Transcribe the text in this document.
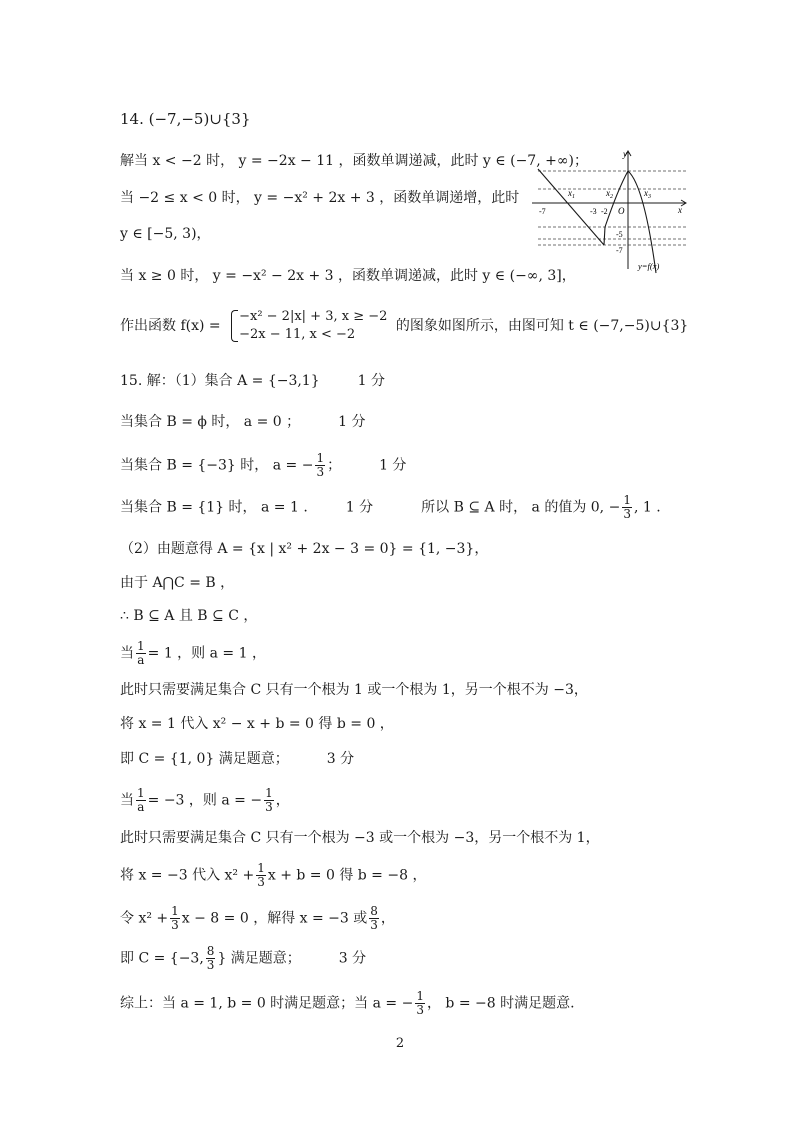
14. (−7,−5)∪{3}
解当 x < −2 时， y = −2x − 11 ，函数单调递减，此时 y ∈ (−7, +∞)；
当 −2 ≤ x < 0 时， y = −x² + 2x + 3 ，函数单调递增，此时
y ∈ [−5, 3)，
当 x ≥ 0 时， y = −x² − 2x + 3 ，函数单调递减，此时 y ∈ (−∞, 3]，
作出函数 f(x) =
−x² − 2|x| + 3, x ≥ −2
−2x − 11, x < −2
的图象如图所示，由图可知 t ∈ (−7,−5)∪{3}
y
x
O
$x_1$	$x_2$	$x_3$
-7	-3 -2
-5
-7
y=f(x)
15. 解：（1）集合 A = {−3,1}	1 分
当集合 B = ϕ 时， a = 0 ；	1 分
当集合 B = {−3} 时， a = − $\frac{1}{3}$ ；	1 分
当集合 B = {1} 时， a = 1 .	1 分	所以 B ⊆ A 时， a 的值为 0, − $\frac{1}{3}$ , 1 .
（2）由题意得 A = {x | x² + 2x − 3 = 0} = {1, −3}，
由于 A⋂C = B ，
∴ B ⊆ A 且 B ⊆ C ，
当 $\frac{1}{a} = 1$ ，则 a = 1 ，
此时只需要满足集合 C 只有一个根为 1 或一个根为 1，另一个根不为 −3，
将 x = 1 代入 x² − x + b = 0 得 b = 0 ，
即 C = {1, 0} 满足题意；	3 分
当 $\frac{1}{a} = -3$ ，则 a = − $\frac{1}{3}$ ，
此时只需要满足集合 C 只有一个根为 −3 或一个根为 −3，另一个根不为 1，
将 x = −3 代入 $x^2 + \frac{1}{3}$ x + b = 0 得 b = −8 ，
令 $x^2 + \frac{1}{3}$ x − 8 = 0 ，解得 x = −3 或 $\frac{8}{3}$ ，
即 C = {−3, $\frac{8}{3}$ } 满足题意；	3 分
综上：当 a = 1, b = 0 时满足题意；当 a = − $\frac{1}{3}$ ， b = −8 时满足题意.
2
